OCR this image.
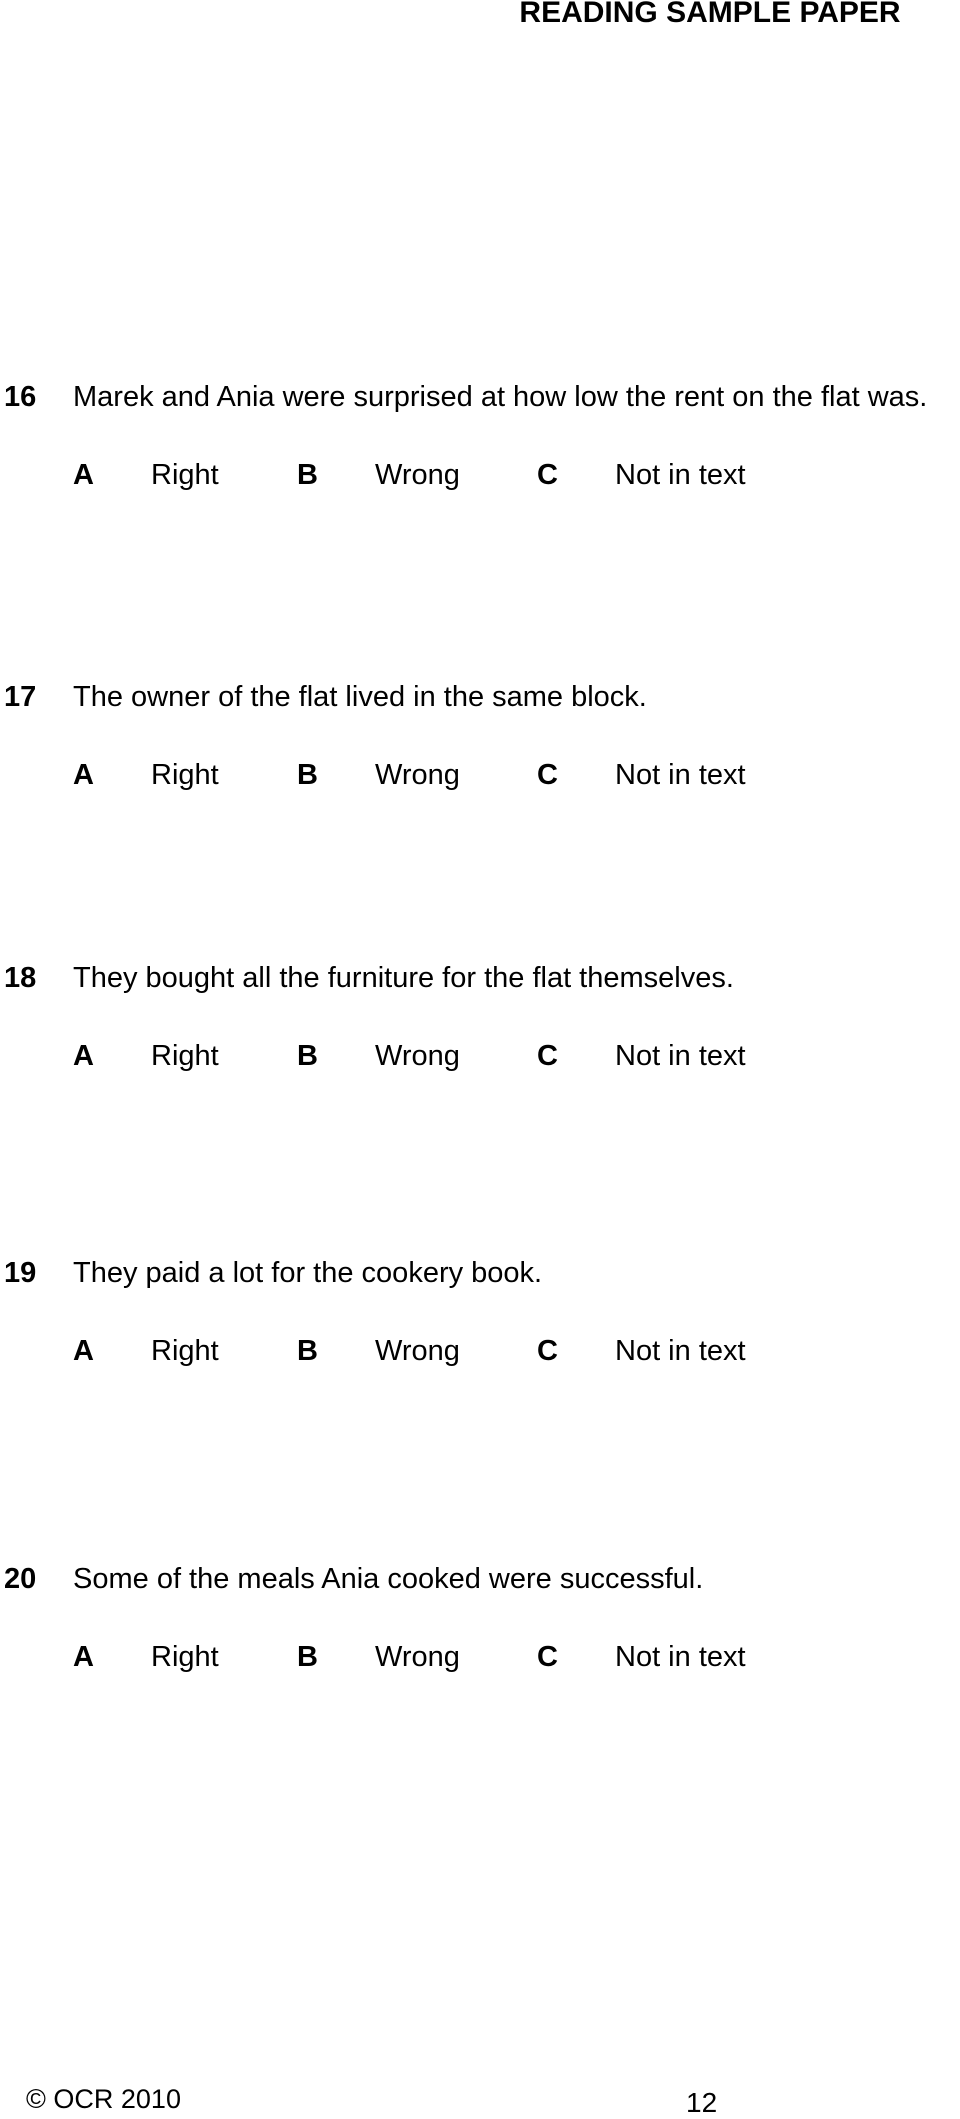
READING SAMPLE PAPER
16 Marek and Ania were surprised at how low the rent on the flat was.
A Right	B Wrong	C Not in text
17 The owner of the flat lived in the same block.
A Right	B Wrong	C Not in text
18 They bought all the furniture for the flat themselves.
A Right	B Wrong	C Not in text
19 They paid a lot for the cookery book.
A Right	B Wrong	C Not in text
20 Some of the meals Ania cooked were successful.
A Right	B Wrong	C Not in text
© OCR 2010	12
